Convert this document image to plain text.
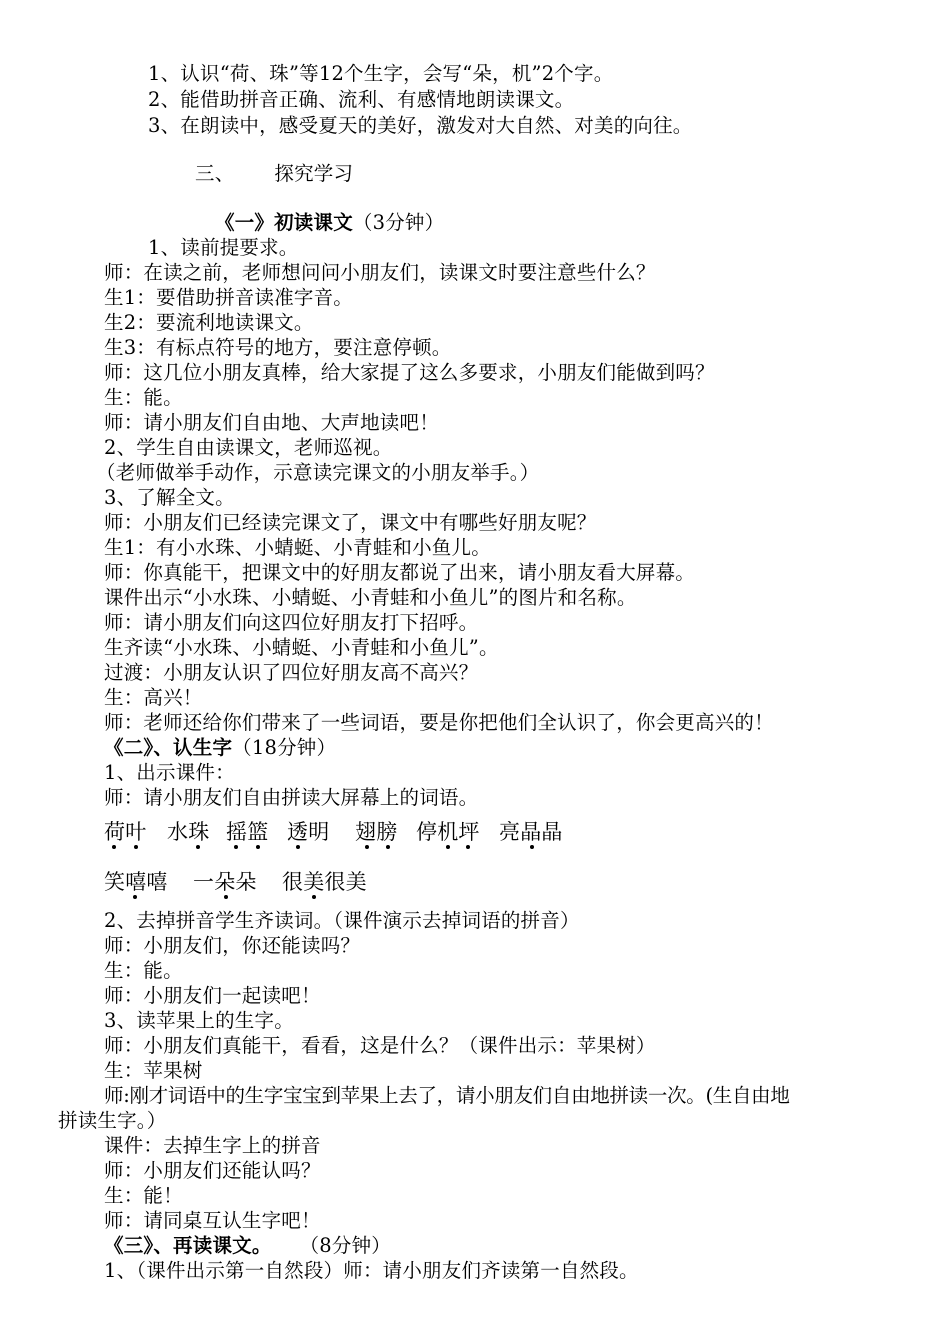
1、认识“荷、珠”等12个生字，会写“朵，机”2个字。
2、能借助拼音正确、流利、有感情地朗读课文。
3、在朗读中，感受夏天的美好，激发对大自然、对美的向往。
三、 探究学习
《一》初读课文（3分钟）
1、读前提要求。
师：在读之前，老师想问问小朋友们，读课文时要注意些什么？
生1：要借助拼音读准字音。
生2：要流利地读课文。
生3：有标点符号的地方，要注意停顿。
师：这几位小朋友真棒，给大家提了这么多要求，小朋友们能做到吗？
生：能。
师：请小朋友们自由地、大声地读吧！
2、学生自由读课文，老师巡视。
（老师做举手动作，示意读完课文的小朋友举手。）
3、了解全文。
师：小朋友们已经读完课文了，课文中有哪些好朋友呢？
生1：有小水珠、小蜻蜓、小青蛙和小鱼儿。
师：你真能干，把课文中的好朋友都说了出来，请小朋友看大屏幕。
课件出示“小水珠、小蜻蜓、小青蛙和小鱼儿”的图片和名称。
师：请小朋友们向这四位好朋友打下招呼。
生齐读“小水珠、小蜻蜓、小青蛙和小鱼儿”。
过渡：小朋友认识了四位好朋友高不高兴？
生：高兴！
师：老师还给你们带来了一些词语，要是你把他们全认识了，你会更高兴的！
《二》、认生字（18分钟）
1、出示课件：
师：请小朋友们自由拼读大屏幕上的词语。
荷叶 水珠 摇篮 透明 翅膀 停机坪 亮晶晶
笑嘻嘻 一朵朵 很美很美
2、去掉拼音学生齐读词。（课件演示去掉词语的拼音）
师：小朋友们，你还能读吗？
生：能。
师：小朋友们一起读吧！
3、读苹果上的生字。
师：小朋友们真能干，看看，这是什么？（课件出示：苹果树）
生：苹果树
师:刚才词语中的生字宝宝到苹果上去了，请小朋友们自由地拼读一次。(生自由地
拼读生字。）
课件：去掉生字上的拼音
师：小朋友们还能认吗？
生：能！
师：请同桌互认生字吧！
《三》、再读课文。 （8分钟）
1、（课件出示第一自然段）师：请小朋友们齐读第一自然段。
